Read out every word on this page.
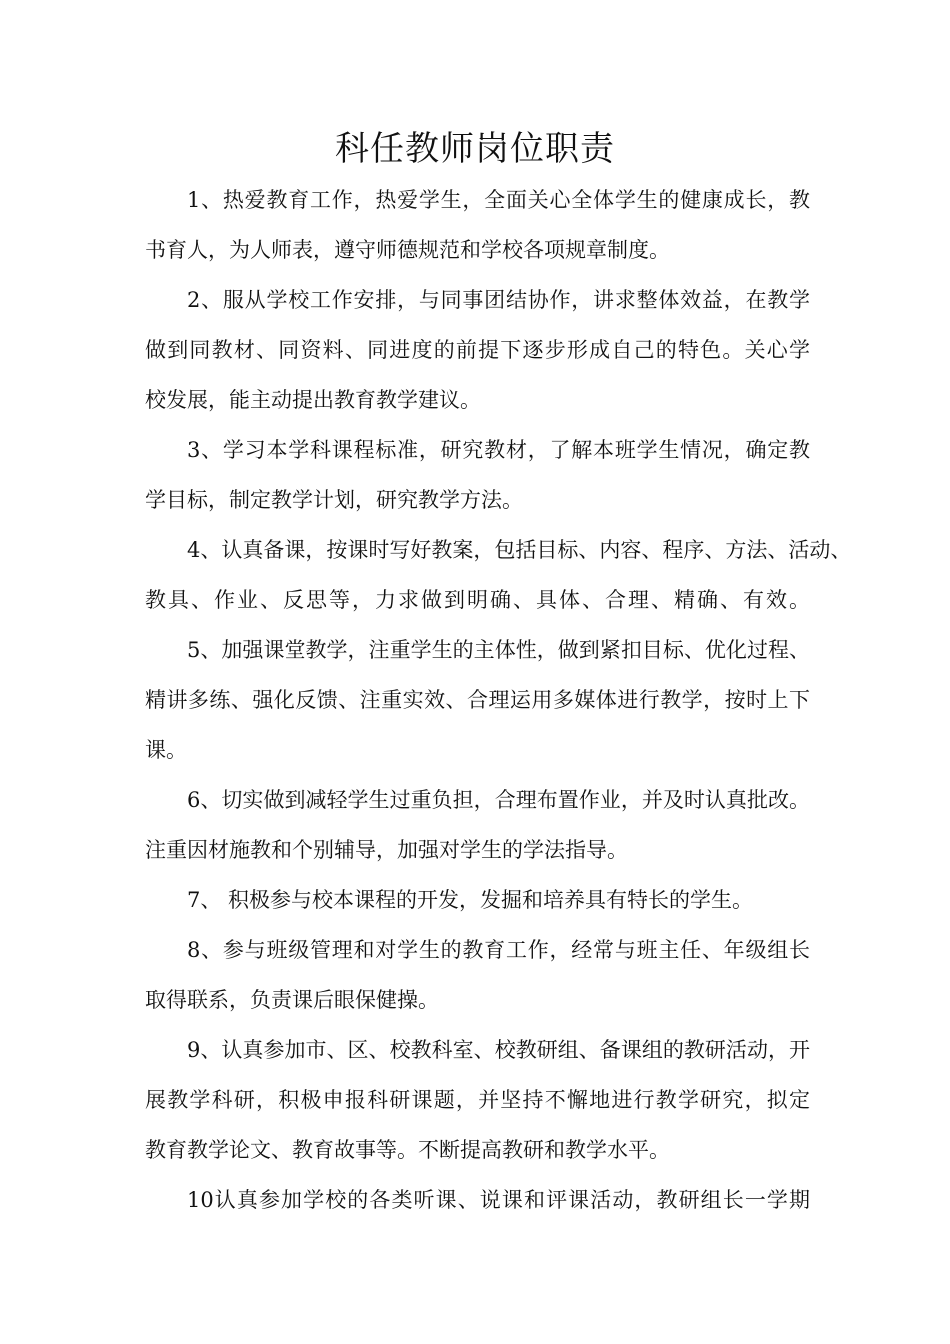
科任教师岗位职责
1、热爱教育工作，热爱学生，全面关心全体学生的健康成长，教
书育人，为人师表，遵守师德规范和学校各项规章制度。
2、服从学校工作安排，与同事团结协作，讲求整体效益，在教学
做到同教材、同资料、同进度的前提下逐步形成自己的特色。关心学
校发展，能主动提出教育教学建议。
3、学习本学科课程标准，研究教材，了解本班学生情况，确定教
学目标，制定教学计划，研究教学方法。
4、认真备课，按课时写好教案，包括目标、内容、程序、方法、活动、
教具、作业、反思等，力求做到明确、具体、合理、精确、有效。
5、加强课堂教学，注重学生的主体性，做到紧扣目标、优化过程、
精讲多练、强化反馈、注重实效、合理运用多媒体进行教学，按时上下
课。
6、切实做到减轻学生过重负担，合理布置作业，并及时认真批改。
注重因材施教和个别辅导，加强对学生的学法指导。
7、 积极参与校本课程的开发，发掘和培养具有特长的学生。
8、参与班级管理和对学生的教育工作，经常与班主任、年级组长
取得联系，负责课后眼保健操。
9、认真参加市、区、校教科室、校教研组、备课组的教研活动，开
展教学科研，积极申报科研课题，并坚持不懈地进行教学研究，拟定
教育教学论文、教育故事等。不断提高教研和教学水平。
10认真参加学校的各类听课、说课和评课活动，教研组长一学期
